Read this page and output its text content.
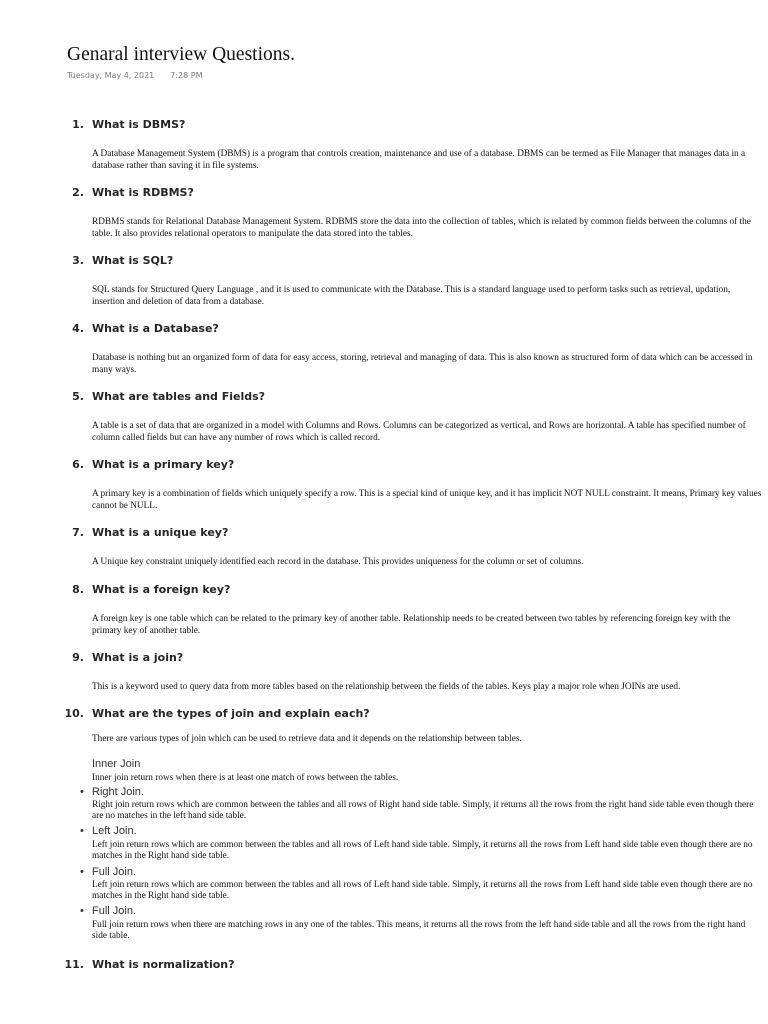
Genaral interview Questions.
Tuesday, May 4, 2021 7:28 PM
1. What is DBMS?
A Database Management System (DBMS) is a program that controls creation, maintenance and use of a database. DBMS can be termed as File Manager that manages data in a database rather than saving it in file systems.
2. What is RDBMS?
RDBMS stands for Relational Database Management System. RDBMS store the data into the collection of tables, which is related by common fields between the columns of the table. It also provides relational operators to manipulate the data stored into the tables.
3. What is SQL?
SQL stands for Structured Query Language , and it is used to communicate with the Database. This is a standard language used to perform tasks such as retrieval, updation, insertion and deletion of data from a database.
4. What is a Database?
Database is nothing but an organized form of data for easy access, storing, retrieval and managing of data. This is also known as structured form of data which can be accessed in many ways.
5. What are tables and Fields?
A table is a set of data that are organized in a model with Columns and Rows. Columns can be categorized as vertical, and Rows are horizontal. A table has specified number of column called fields but can have any number of rows which is called record.
6. What is a primary key?
A primary key is a combination of fields which uniquely specify a row. This is a special kind of unique key, and it has implicit NOT NULL constraint. It means, Primary key values cannot be NULL.
7. What is a unique key?
A Unique key constraint uniquely identified each record in the database. This provides uniqueness for the column or set of columns.
8. What is a foreign key?
A foreign key is one table which can be related to the primary key of another table. Relationship needs to be created between two tables by referencing foreign key with the primary key of another table.
9. What is a join?
This is a keyword used to query data from more tables based on the relationship between the fields of the tables. Keys play a major role when JOINs are used.
10. What are the types of join and explain each?
There are various types of join which can be used to retrieve data and it depends on the relationship between tables.
Inner Join
Inner join return rows when there is at least one match of rows between the tables.
• Right Join.
Right join return rows which are common between the tables and all rows of Right hand side table. Simply, it returns all the rows from the right hand side table even though there are no matches in the left hand side table.
• Left Join.
Left join return rows which are common between the tables and all rows of Left hand side table. Simply, it returns all the rows from Left hand side table even though there are no matches in the Right hand side table.
• Full Join.
Left join return rows which are common between the tables and all rows of Left hand side table. Simply, it returns all the rows from Left hand side table even though there are no matches in the Right hand side table.
• Full Join.
Full join return rows when there are matching rows in any one of the tables. This means, it returns all the rows from the left hand side table and all the rows from the right hand side table.
11. What is normalization?
